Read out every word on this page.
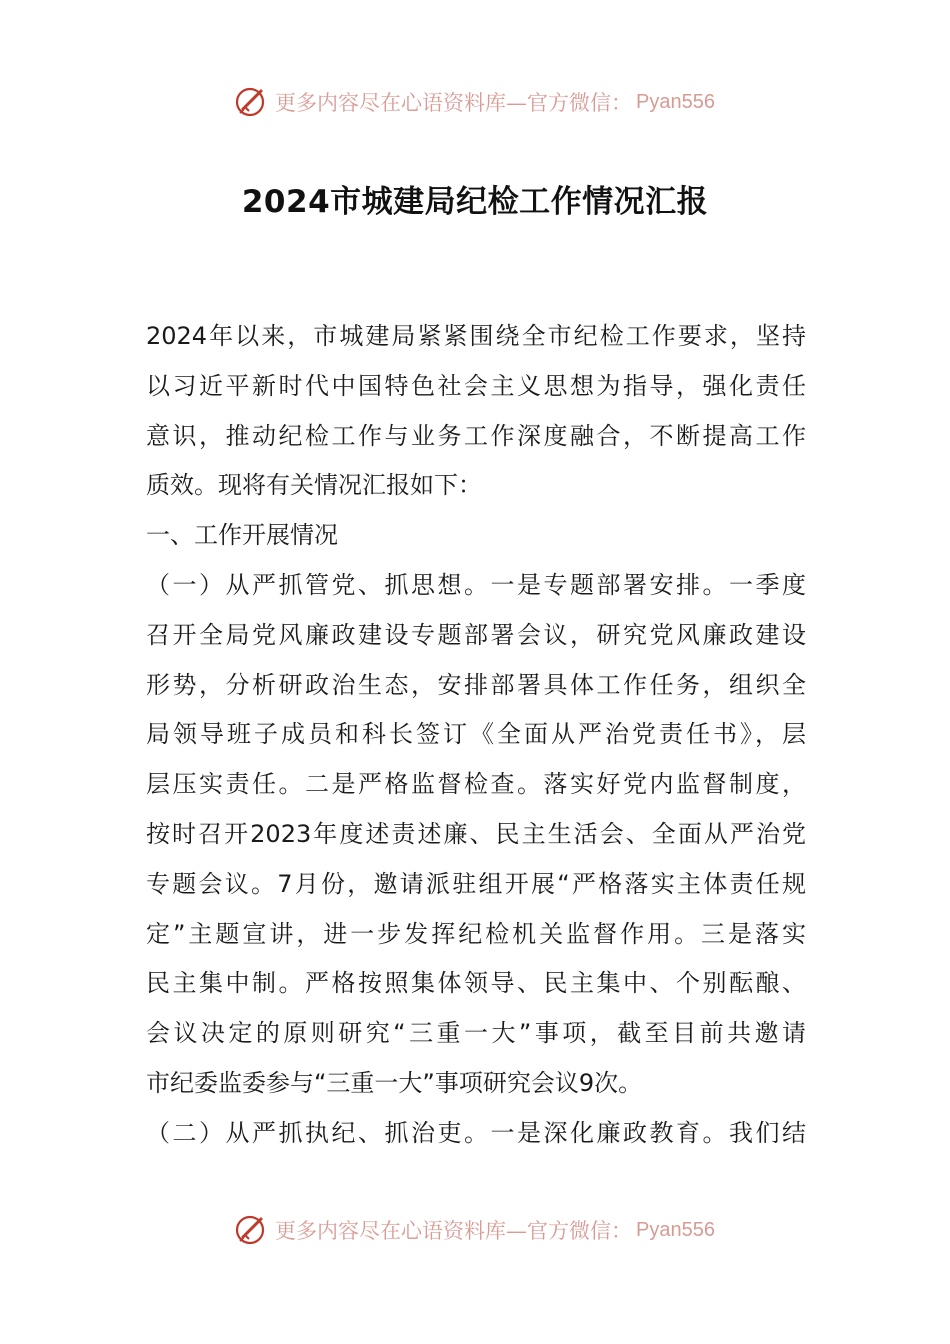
更多内容尽在心语资料库—官方微信： Pyan556
2024市城建局纪检工作情况汇报
2024年以来，市城建局紧紧围绕全市纪检工作要求，坚持
以习近平新时代中国特色社会主义思想为指导，强化责任
意识，推动纪检工作与业务工作深度融合，不断提高工作
质效。现将有关情况汇报如下：
一、工作开展情况
（一）从严抓管党、抓思想。一是专题部署安排。一季度
召开全局党风廉政建设专题部署会议，研究党风廉政建设
形势，分析研政治生态，安排部署具体工作任务，组织全
局领导班子成员和科长签订《全面从严治党责任书》，层
层压实责任。二是严格监督检查。落实好党内监督制度，
按时召开2023年度述责述廉、民主生活会、全面从严治党
专题会议。7月份，邀请派驻组开展“严格落实主体责任规
定”主题宣讲，进一步发挥纪检机关监督作用。三是落实
民主集中制。严格按照集体领导、民主集中、个别酝酿、
会议决定的原则研究“三重一大”事项，截至目前共邀请
市纪委监委参与“三重一大”事项研究会议9次。
（二）从严抓执纪、抓治吏。一是深化廉政教育。我们结
更多内容尽在心语资料库—官方微信： Pyan556
